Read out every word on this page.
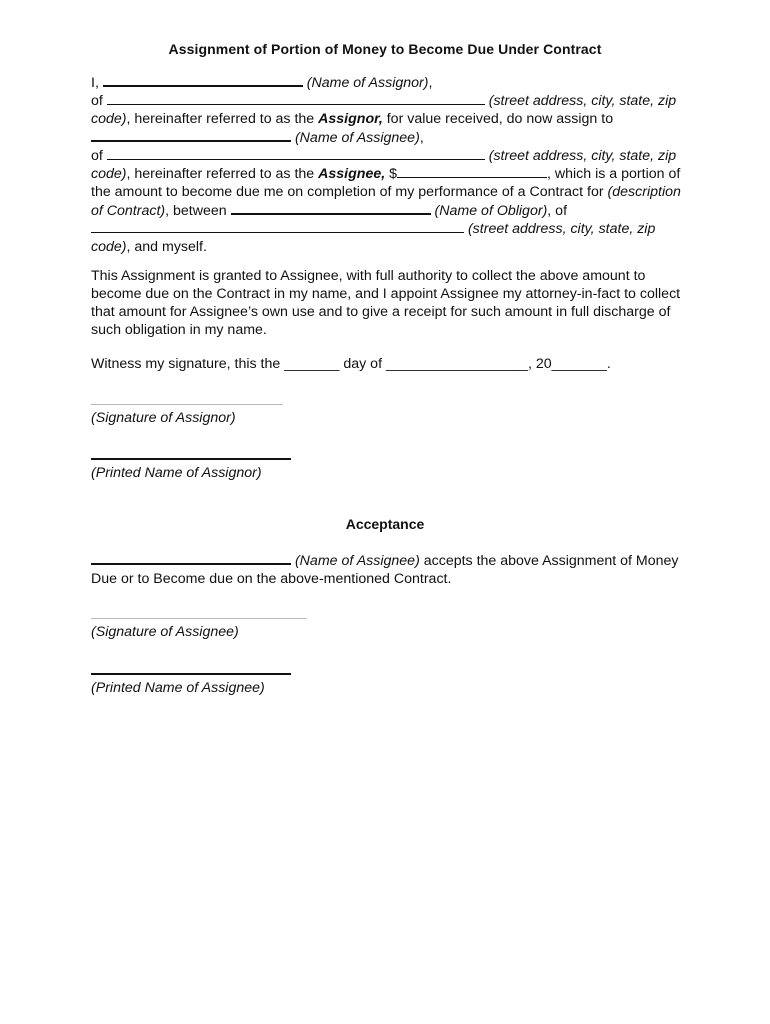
Assignment of Portion of Money to Become Due Under Contract
I,	(Name of Assignor),
of	(street address, city, state, zip code), hereinafter referred to as the Assignor, for value received, do now assign to  (Name of Assignee),
of	(street address, city, state, zip code), hereinafter referred to as the Assignee, $	, which is a portion of the amount to become due me on completion of my performance of a Contract for (description of Contract), between	(Name of Obligor), of  (street address, city, state, zip code), and myself.
This Assignment is granted to Assignee, with full authority to collect the above amount to become due on the Contract in my name, and I appoint Assignee my attorney-in-fact to collect that amount for Assignee’s own use and to give a receipt for such amount in full discharge of such obligation in my name.
Witness my signature, this the _______ day of __________________, 20_______.
(Signature of Assignor)
(Printed Name of Assignor)
Acceptance
(Name of Assignee) accepts the above Assignment of Money Due or to Become due on the above-mentioned Contract.
(Signature of Assignee)
(Printed Name of Assignee)
